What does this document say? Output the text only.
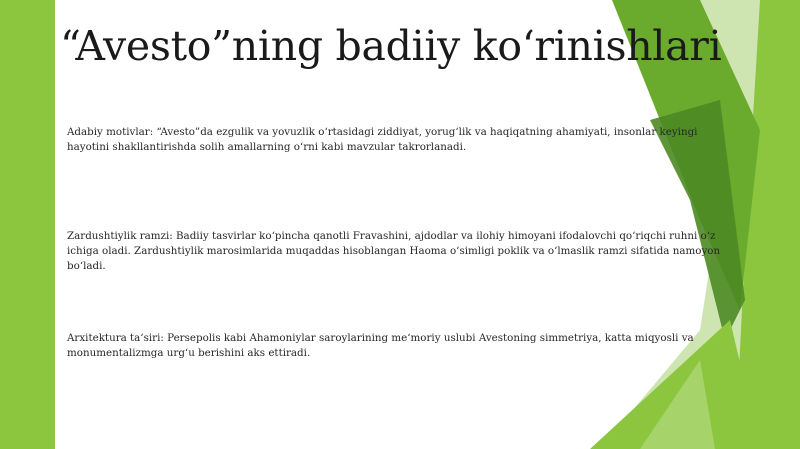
“Avesto”ning badiiy ko‘rinishlari
Adabiy motivlar: “Avesto”da ezgulik va yovuzlik o‘rtasidagi ziddiyat, yorug‘lik va haqiqatning ahamiyati, insonlar keyingi hayotini shakllantirishda solih amallarning o‘rni kabi mavzular takrorlanadi.
Zardushtiylik ramzi: Badiiy tasvirlar ko‘pincha qanotli Fravashini, ajdodlar va ilohiy himoyani ifodalovchi qo‘riqchi ruhni o‘z ichiga oladi. Zardushtiylik marosimlarida muqaddas hisoblangan Haoma o‘simligi poklik va o‘lmaslik ramzi sifatida namoyon bo‘ladi.
Arxitektura ta‘siri: Persepolis kabi Ahamoniylar saroylarining me‘moriy uslubi Avestoning simmetriya, katta miqyosli va monumentalizmga urg‘u berishini aks ettiradi.
